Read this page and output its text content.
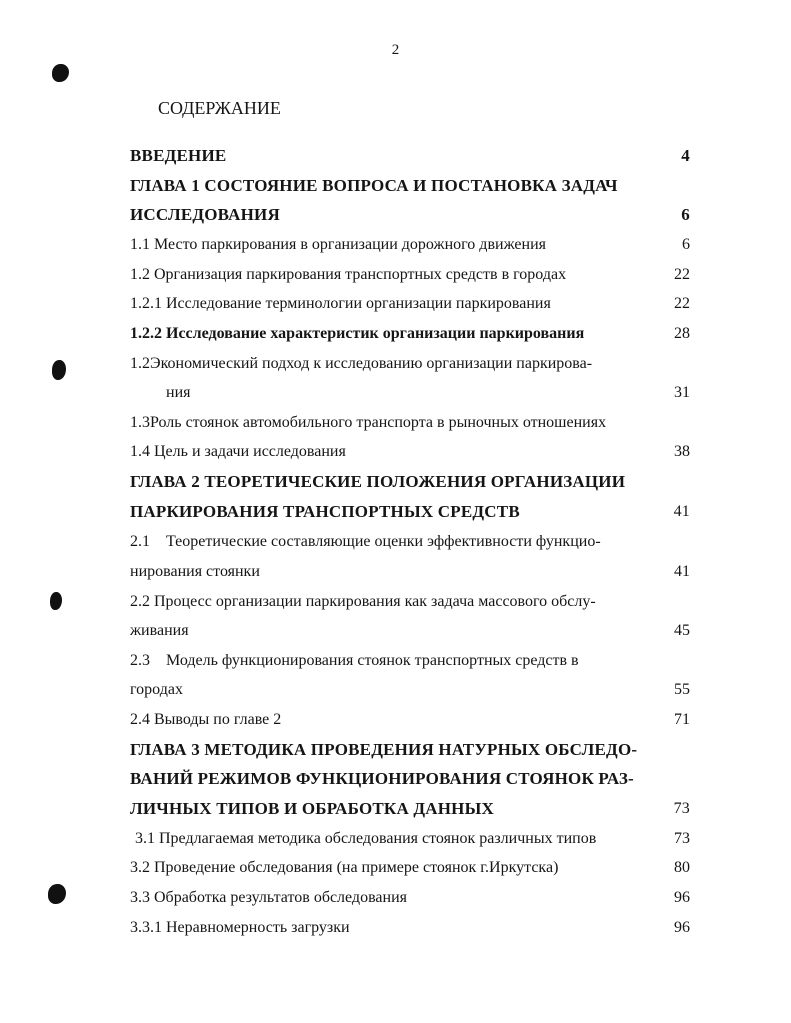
2
СОДЕРЖАНИЕ
ВВЕДЕНИЕ	4
ГЛАВА 1 СОСТОЯНИЕ ВОПРОСА И ПОСТАНОВКА ЗАДАЧ
ИССЛЕДОВАНИЯ	6
1.1 Место паркирования в организации дорожного движения	6
1.2 Организация паркирования транспортных средств в городах	22
1.2.1 Исследование терминологии организации паркирования	22
1.2.2 Исследование характеристик организации паркирования	28
1.2Экономический подход к исследованию организации паркирова-
ния	31
1.3Роль стоянок автомобильного транспорта в рыночных отношениях
1.4 Цель и задачи исследования	38
ГЛАВА 2 ТЕОРЕТИЧЕСКИЕ ПОЛОЖЕНИЯ ОРГАНИЗАЦИИ
ПАРКИРОВАНИЯ ТРАНСПОРТНЫХ СРЕДСТВ	41
2.1    Теоретические составляющие оценки эффективности функцио-
нирования стоянки	41
2.2 Процесс организации паркирования как задача массового обслу-
живания	45
2.3    Модель функционирования стоянок транспортных средств в
городах	55
2.4 Выводы по главе 2	71
ГЛАВА 3 МЕТОДИКА ПРОВЕДЕНИЯ НАТУРНЫХ ОБСЛЕДО-
ВАНИЙ РЕЖИМОВ ФУНКЦИОНИРОВАНИЯ СТОЯНОК РАЗ-
ЛИЧНЫХ ТИПОВ И ОБРАБОТКА ДАННЫХ	73
3.1 Предлагаемая методика обследования стоянок различных типов	73
3.2 Проведение обследования (на примере стоянок г.Иркутска)	80
3.3 Обработка результатов обследования	96
3.3.1 Неравномерность загрузки	96
